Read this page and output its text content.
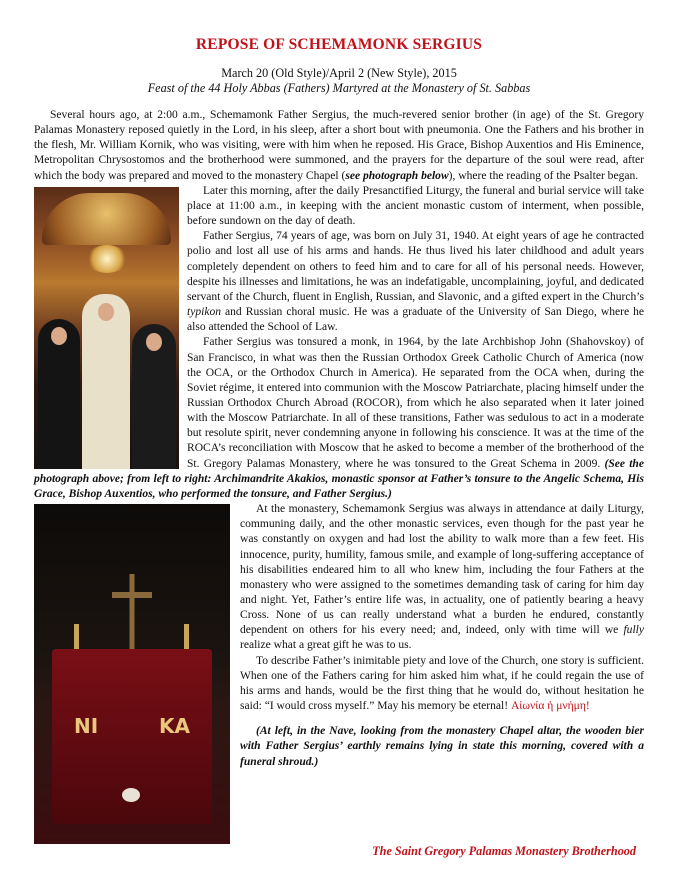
REPOSE OF SCHEMAMONK SERGIUS
March 20 (Old Style)/April 2 (New Style), 2015
Feast of the 44 Holy Abbas (Fathers) Martyred at the Monastery of St. Sabbas

Several hours ago, at 2:00 a.m., Schemamonk Father Sergius, the much-revered senior brother (in age) of the St. Gregory Palamas Monastery reposed quietly in the Lord, in his sleep, after a short bout with pneumonia. One the Fathers and his brother in the flesh, Mr. William Kornik, who was visiting, were with him when he reposed. His Grace, Bishop Auxentios and His Eminence, Metropolitan Chrysostomos and the brotherhood were summoned, and the prayers for the departure of the soul were read, after which the body was prepared and moved to the monastery Chapel (see photograph below), where the reading of the Psalter began.

Later this morning, after the daily Presanctified Liturgy, the funeral and burial service will take place at 11:00 a.m., in keeping with the ancient monastic custom of interment, when possible, before sundown on the day of death.

Father Sergius, 74 years of age, was born on July 31, 1940. At eight years of age he contracted polio and lost all use of his arms and hands. He thus lived his later childhood and adult years completely dependent on others to feed him and to care for all of his personal needs. However, despite his illnesses and limitations, he was an indefatigable, uncomplaining, joyful, and dedicated servant of the Church, fluent in English, Russian, and Slavonic, and a gifted expert in the Church’s typikon and Russian choral music. He was a graduate of the University of San Diego, where he also attended the School of Law.

Father Sergius was tonsured a monk, in 1964, by the late Archbishop John (Shahovskoy) of San Francisco, in what was then the Russian Orthodox Greek Catholic Church of America (now the OCA, or the Orthodox Church in America). He separated from the OCA when, during the Soviet régime, it entered into communion with the Moscow Patriarchate, placing himself under the Russian Orthodox Church Abroad (ROCOR), from which he also separated when it later joined with the Moscow Patriarchate. In all of these transitions, Father was sedulous to act in a moderate but resolute spirit, never condemning anyone in following his conscience. It was at the time of the ROCA’s reconciliation with Moscow that he asked to become a member of the brotherhood of the St. Gregory Palamas Monastery, where he was tonsured to the Great Schema in 2009. (See the photograph above; from left to right: Archimandrite Akakios, monastic sponsor at Father’s tonsure to the Angelic Schema, His Grace, Bishop Auxentios, who performed the tonsure, and Father Sergius.)

NI	KA

At the monastery, Schemamonk Sergius was always in attendance at daily Liturgy, communing daily, and the other monastic services, even though for the past year he was constantly on oxygen and had lost the ability to walk more than a few feet. His innocence, purity, humility, famous smile, and example of long-suffering acceptance of his disabilities endeared him to all who knew him, including the four Fathers at the monastery who were assigned to the sometimes demanding task of caring for him day and night. Yet, Father’s entire life was, in actuality, one of patiently bearing a heavy Cross. None of us can really understand what a burden he endured, constantly dependent on others for his every need; and, indeed, only with time will we fully realize what a great gift he was to us.

To describe Father’s inimitable piety and love of the Church, one story is sufficient. When one of the Fathers caring for him asked him what, if he could regain the use of his arms and hands, would be the first thing that he would do, without hesitation he said: “I would cross myself.” May his memory be eternal! Αἰωνία ἡ μνήμη!

(At left, in the Nave, looking from the monastery Chapel altar, the wooden bier with Father Sergius’ earthly remains lying in state this morning, covered with a funeral shroud.)

The Saint Gregory Palamas Monastery Brotherhood
